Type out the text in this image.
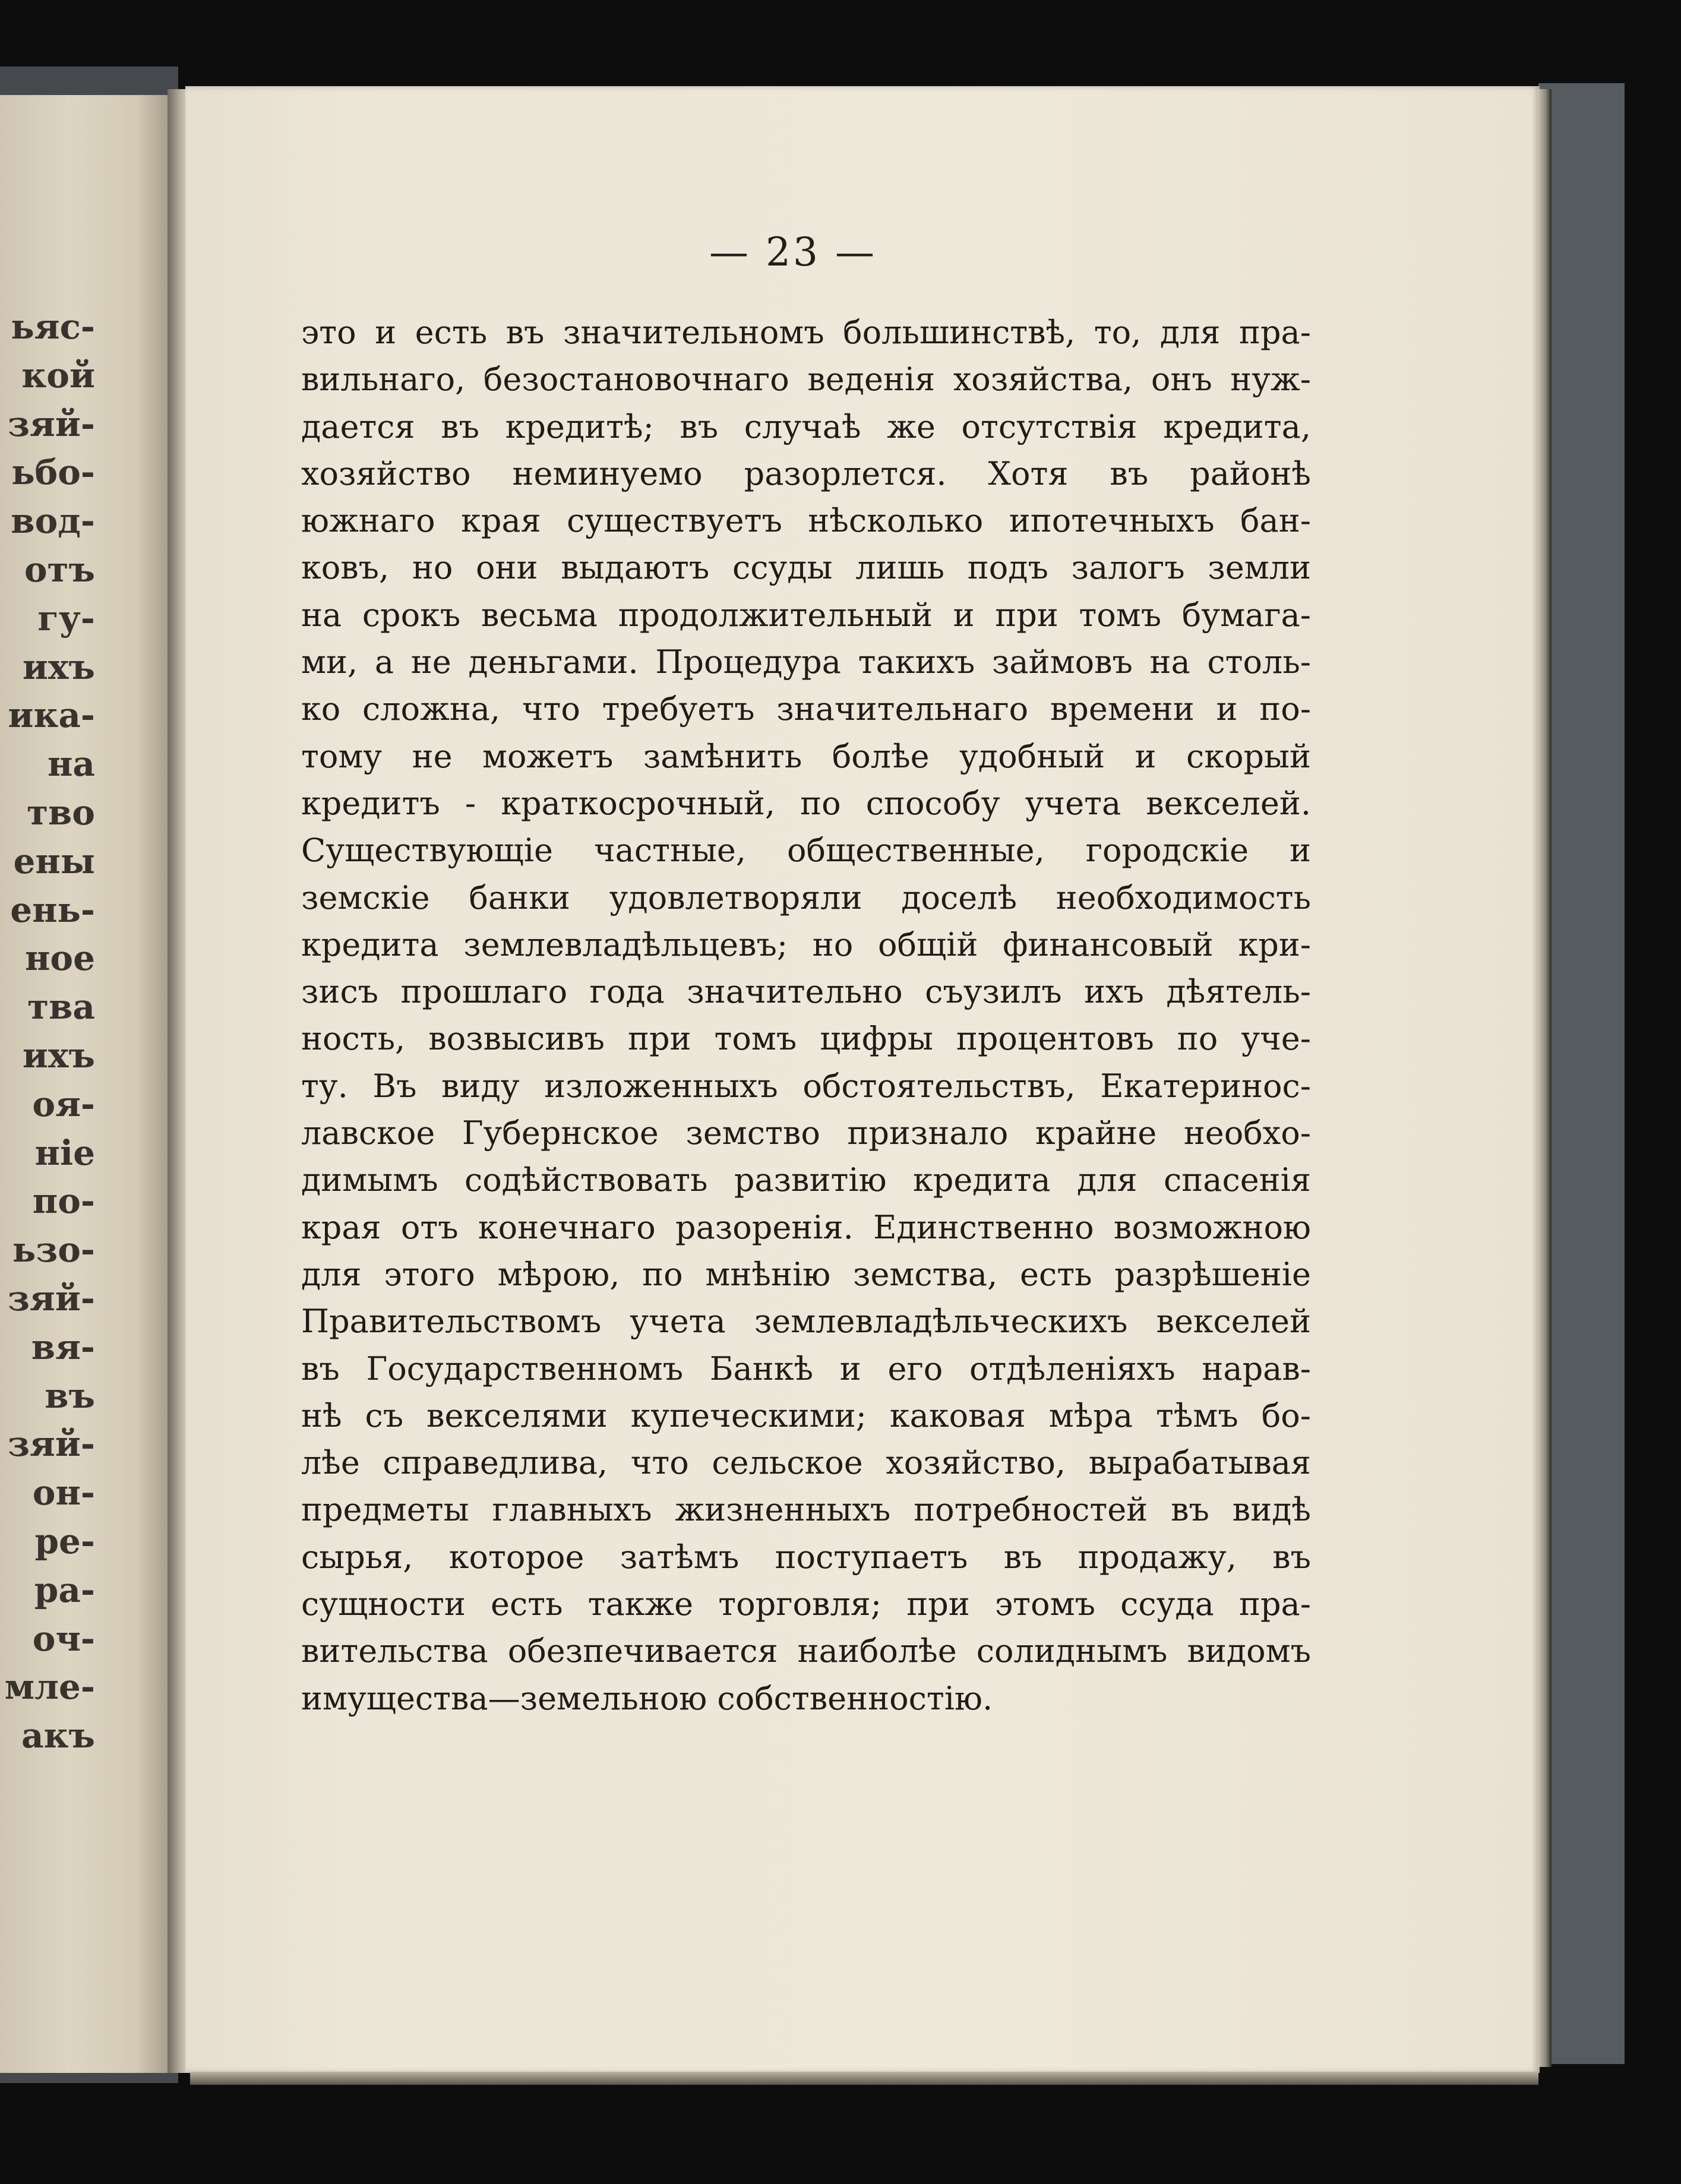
ьяс-
кой
зяй-
ьбо-
вод-
отъ
гу-
ихъ
ика-
на
тво
ены
ень-
ное
тва
ихъ
оя-
ніе
по-
ьзо-
зяй-
вя-
въ
зяй-
он-
ре-
ра-
оч-
мле-
акъ
— 23 —
это и есть въ значительномъ большинствѣ, то, для пра-
вильнаго, безостановочнаго веденія хозяйства, онъ нуж-
дается въ кредитѣ; въ случаѣ же отсутствія кредита,
хозяйство неминуемо разорлется. Хотя въ районѣ
южнаго края существуетъ нѣсколько ипотечныхъ бан-
ковъ, но они выдаютъ ссуды лишь подъ залогъ земли
на срокъ весьма продолжительный и при томъ бумага-
ми, а не деньгами. Процедура такихъ займовъ на столь-
ко сложна, что требуетъ значительнаго времени и по-
тому не можетъ замѣнить болѣе удобный и скорый
кредитъ - краткосрочный, по способу учета векселей.
Существующіе частные, общественные, городскіе и
земскіе банки удовлетворяли доселѣ необходимость
кредита землевладѣльцевъ; но общій финансовый кри-
зисъ прошлаго года значительно съузилъ ихъ дѣятель-
ность, возвысивъ при томъ цифры процентовъ по уче-
ту. Въ виду изложенныхъ обстоятельствъ, Екатеринос-
лавское Губернское земство признало крайне необхо-
димымъ содѣйствовать развитію кредита для спасенія
края отъ конечнаго разоренія. Единственно возможною
для этого мѣрою, по мнѣнію земства, есть разрѣшеніе
Правительствомъ учета землевладѣльческихъ векселей
въ Государственномъ Банкѣ и его отдѣленіяхъ нарав-
нѣ съ векселями купеческими; каковая мѣра тѣмъ бо-
лѣе справедлива, что сельское хозяйство, вырабатывая
предметы главныхъ жизненныхъ потребностей въ видѣ
сырья, которое затѣмъ поступаетъ въ продажу, въ
сущности есть также торговля; при этомъ ссуда пра-
вительства обезпечивается наиболѣе солиднымъ видомъ
имущества—земельною собственностію.
